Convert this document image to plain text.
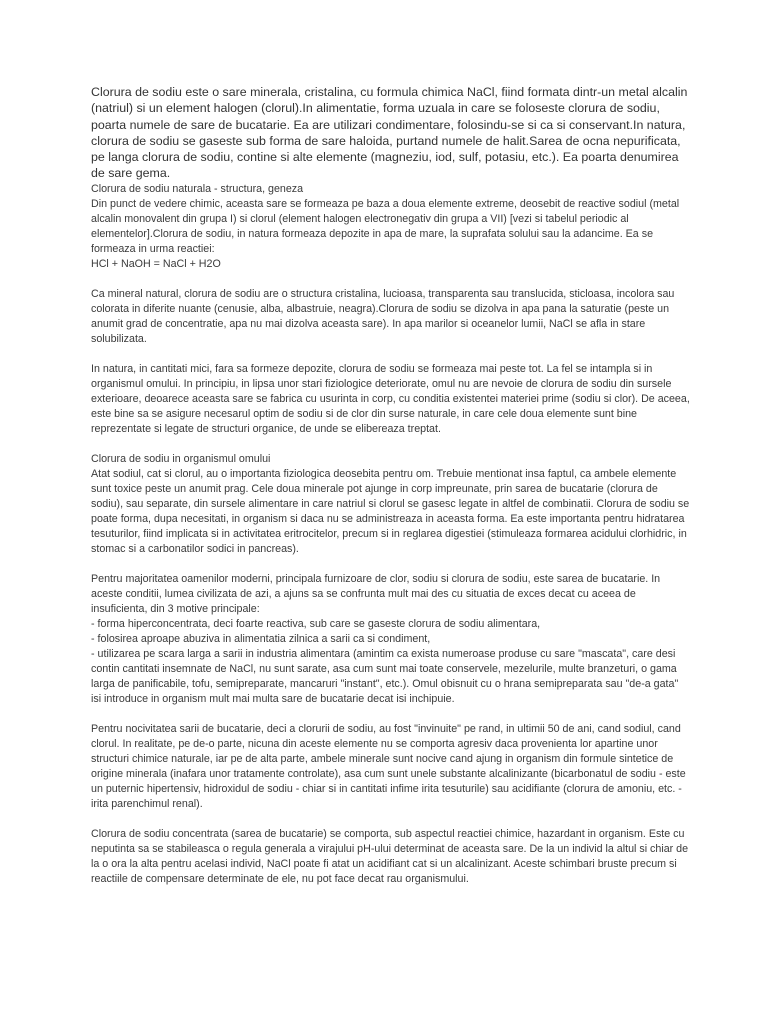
Clorura de sodiu este o sare minerala, cristalina, cu formula chimica NaCl, fiind formata dintr-un metal alcalin (natriul) si un element halogen (clorul).In alimentatie, forma uzuala in care se foloseste clorura de sodiu, poarta numele de sare de bucatarie. Ea are utilizari condimentare, folosindu-se si ca si conservant.In natura, clorura de sodiu se gaseste sub forma de sare haloida, purtand numele de halit.Sarea de ocna nepurificata, pe langa clorura de sodiu, contine si alte elemente (magneziu, iod, sulf, potasiu, etc.). Ea poarta denumirea de sare gema.

Clorura de sodiu naturala - structura, geneza
Din punct de vedere chimic, aceasta sare se formeaza pe baza a doua elemente extreme, deosebit de reactive sodiul (metal alcalin monovalent din grupa I) si clorul (element halogen electronegativ din grupa a VII) [vezi si tabelul periodic al elementelor].Clorura de sodiu, in natura formeaza depozite in apa de mare, la suprafata solului sau la adancime. Ea se formeaza in urma reactiei:
HCl + NaOH = NaCl + H2O

Ca mineral natural, clorura de sodiu are o structura cristalina, lucioasa, transparenta sau translucida, sticloasa, incolora sau colorata in diferite nuante (cenusie, alba, albastruie, neagra).Clorura de sodiu se dizolva in apa pana la saturatie (peste un anumit grad de concentratie, apa nu mai dizolva aceasta sare). In apa marilor si oceanelor lumii, NaCl se afla in stare solubilizata.

In natura, in cantitati mici, fara sa formeze depozite, clorura de sodiu se formeaza mai peste tot. La fel se intampla si in organismul omului. In principiu, in lipsa unor stari fiziologice deteriorate, omul nu are nevoie de clorura de sodiu din sursele exterioare, deoarece aceasta sare se fabrica cu usurinta in corp, cu conditia existentei materiei prime (sodiu si clor). De aceea, este bine sa se asigure necesarul optim de sodiu si de clor din surse naturale, in care cele doua elemente sunt bine reprezentate si legate de structuri organice, de unde se elibereaza treptat.

Clorura de sodiu in organismul omului
Atat sodiul, cat si clorul, au o importanta fiziologica deosebita pentru om. Trebuie mentionat insa faptul, ca ambele elemente sunt toxice peste un anumit prag. Cele doua minerale pot ajunge in corp impreunate, prin sarea de bucatarie (clorura de sodiu), sau separate, din sursele alimentare in care natriul si clorul se gasesc legate in altfel de combinatii. Clorura de sodiu se poate forma, dupa necesitati, in organism si daca nu se administreaza in aceasta forma. Ea este importanta pentru hidratarea tesuturilor, fiind implicata si in activitatea eritrocitelor, precum si in reglarea digestiei (stimuleaza formarea acidului clorhidric, in stomac si a carbonatilor sodici in pancreas).
Pentru majoritatea oamenilor moderni, principala furnizoare de clor, sodiu si clorura de sodiu, este sarea de bucatarie. In aceste conditii, lumea civilizata de azi, a ajuns sa se confrunta mult mai des cu situatia de exces decat cu aceea de insuficienta, din 3 motive principale:
- forma hiperconcentrata, deci foarte reactiva, sub care se gaseste clorura de sodiu alimentara,
- folosirea aproape abuziva in alimentatia zilnica a sarii ca si condiment,
- utilizarea pe scara larga a sarii in industria alimentara (amintim ca exista numeroase produse cu sare "mascata", care desi contin cantitati insemnate de NaCl, nu sunt sarate, asa cum sunt mai toate conservele, mezelurile, multe branzeturi, o gama larga de panificabile, tofu, semipreparate, mancaruri "instant", etc.). Omul obisnuit cu o hrana semipreparata sau "de-a gata" isi introduce in organism mult mai multa sare de bucatarie decat isi inchipuie.

Pentru nocivitatea sarii de bucatarie, deci a clorurii de sodiu, au fost "invinuite" pe rand, in ultimii 50 de ani, cand sodiul, cand clorul. In realitate, pe de-o parte, nicuna din aceste elemente nu se comporta agresiv daca provenienta lor apartine unor structuri chimice naturale, iar pe de alta parte, ambele minerale sunt nocive cand ajung in organism din formule sintetice de origine minerala (inafara unor tratamente controlate), asa cum sunt unele substante alcalinizante (bicarbonatul de sodiu - este un puternic hipertensiv, hidroxidul de sodiu - chiar si in cantitati infime irita tesuturile) sau acidifiante (clorura de amoniu, etc. - irita parenchimul renal).

Clorura de sodiu concentrata (sarea de bucatarie) se comporta, sub aspectul reactiei chimice, hazardant in organism. Este cu neputinta sa se stabileasca o regula generala a virajului pH-ului determinat de aceasta sare. De la un individ la altul si chiar de la o ora la alta pentru acelasi individ, NaCl poate fi atat un acidifiant cat si un alcalinizant. Aceste schimbari bruste precum si reactiile de compensare determinate de ele, nu pot face decat rau organismului.
